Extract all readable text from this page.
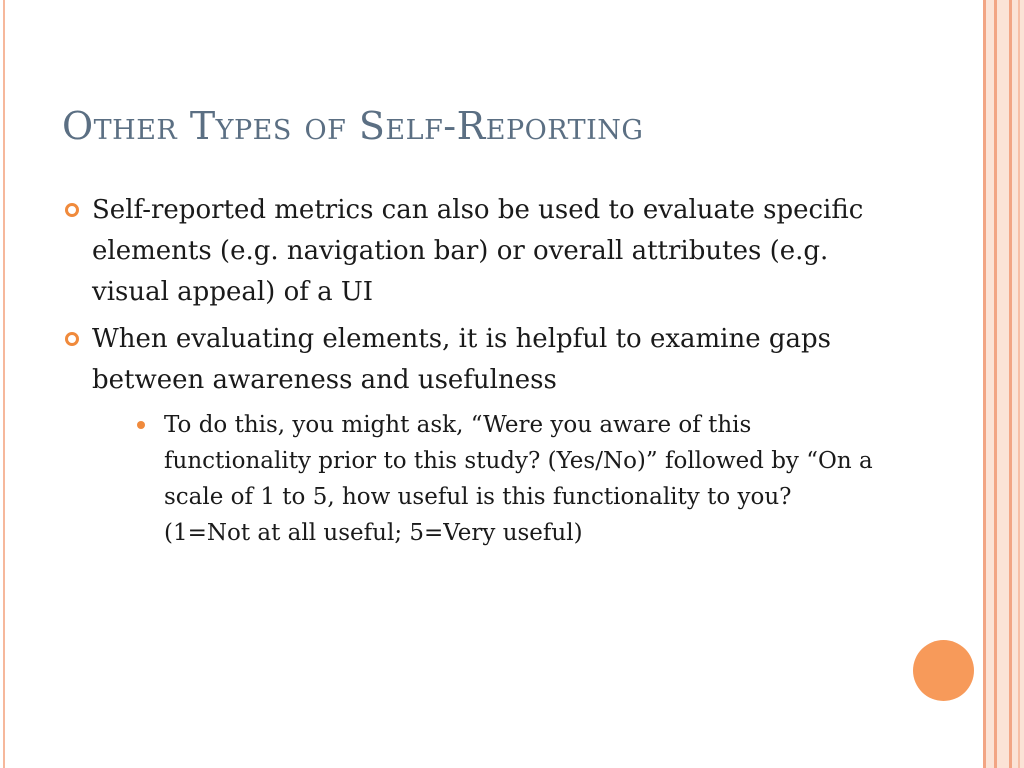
Other Types of Self-Reporting
Self-reported metrics can also be used to evaluate specific elements (e.g. navigation bar) or overall attributes (e.g. visual appeal) of a UI
When evaluating elements, it is helpful to examine gaps between awareness and usefulness
To do this, you might ask, “Were you aware of this functionality prior to this study? (Yes/No)” followed by “On a scale of 1 to 5, how useful is this functionality to you? (1=Not at all useful; 5=Very useful)
